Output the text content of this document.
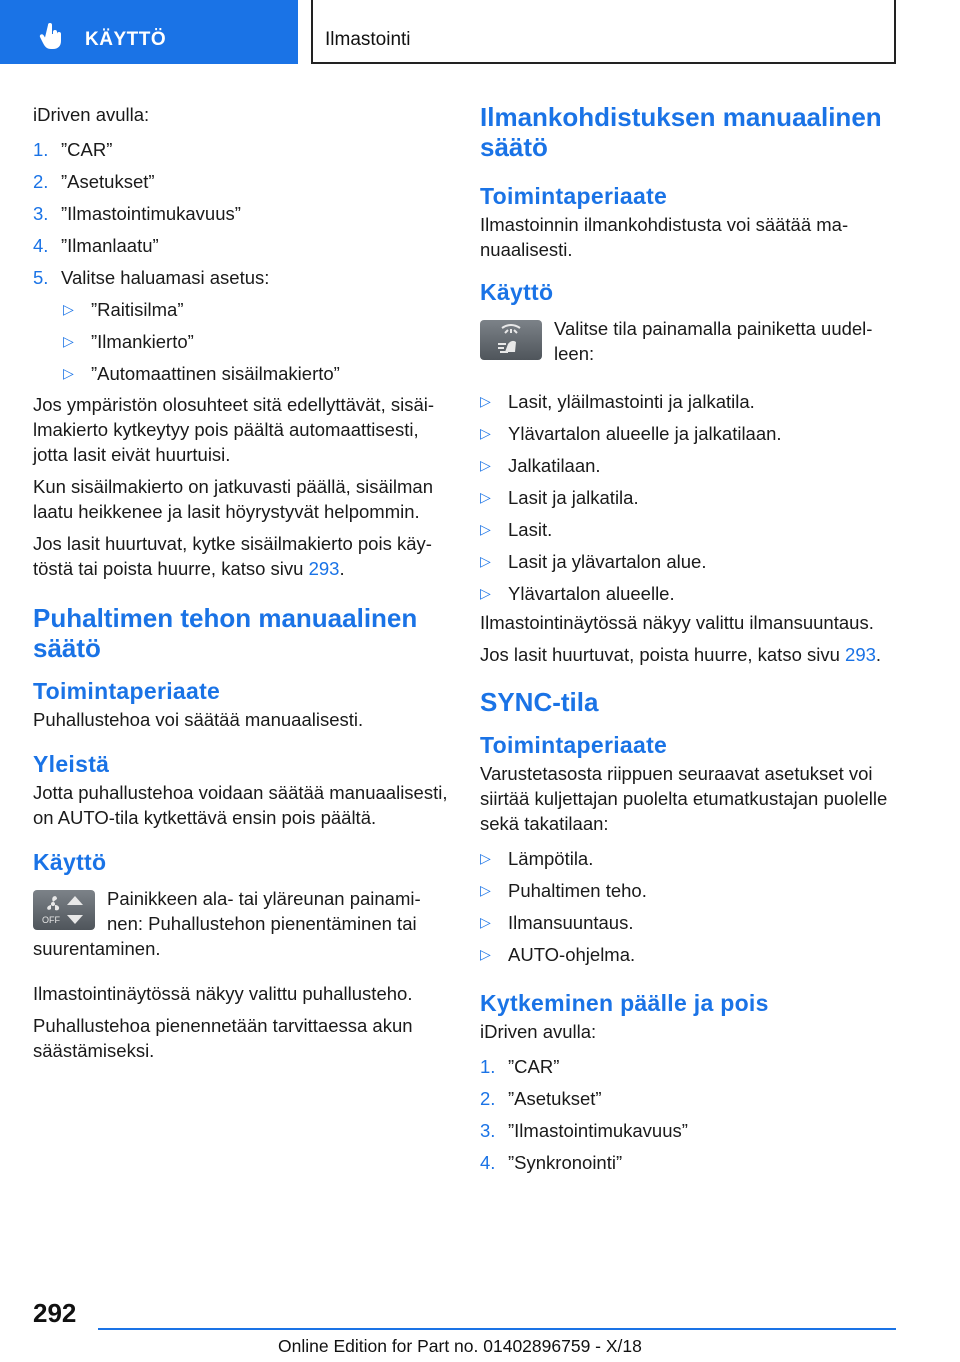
KÄYTTÖ	Ilmastointi

iDriven avulla:

1. ”CAR”
2. ”Asetukset”
3. ”Ilmastointimukavuus”
4. ”Ilmanlaatu”
5. Valitse haluamasi asetus:
▷ ”Raitisilma”
▷ ”Ilmankierto”
▷ ”Automaattinen sisäilmakierto”

Jos ympäristön olosuhteet sitä edellyttävät, sisäilmakierto kytkeytyy pois päältä automaattisesti, jotta lasit eivät huurtuisi.

Kun sisäilmakierto on jatkuvasti päällä, sisäilman laatu heikkenee ja lasit höyrystyvät helpommin.

Jos lasit huurtuvat, kytke sisäilmakierto pois käytöstä tai poista huurre, katso sivu 293.

Puhaltimen tehon manuaalinen säätö
Toimintaperiaate

Puhallustehoa voi säätää manuaalisesti.

Yleistä

Jotta puhallustehoa voidaan säätää manuaalisesti, on AUTO-tila kytkettävä ensin pois päältä.

Käyttö
OFF
Painikkeen ala- tai yläreunan painaminen: Puhallustehon pienentäminen tai suurentaminen.

Ilmastointinäytössä näkyy valittu puhallusteho.

Puhallustehoa pienennetään tarvittaessa akun säästämiseksi.

Ilmankohdistuksen manuaalinen säätö
Toimintaperiaate

Ilmastoinnin ilmankohdistusta voi säätää manuaalisesti.

Käyttö
Valitse tila painamalla painiketta uudelleen:
▷ Lasit, yläilmastointi ja jalkatila.
▷ Ylävartalon alueelle ja jalkatilaan.
▷ Jalkatilaan.
▷ Lasit ja jalkatila.
▷ Lasit.
▷ Lasit ja ylävartalon alue.
▷ Ylävartalon alueelle.

Ilmastointinäytössä näkyy valittu ilmansuuntaus.

Jos lasit huurtuvat, poista huurre, katso sivu 293.

SYNC-tila
Toimintaperiaate

Varustetasosta riippuen seuraavat asetukset voi siirtää kuljettajan puolelta etumatkustajan puolelle sekä takatilaan:

▷ Lämpötila.
▷ Puhaltimen teho.
▷ Ilmansuuntaus.
▷ AUTO-ohjelma.
Kytkeminen päälle ja pois

iDriven avulla:

1. ”CAR”
2. ”Asetukset”
3. ”Ilmastointimukavuus”
4. ”Synkronointi”
292
Online Edition for Part no. 01402896759 - X/18
